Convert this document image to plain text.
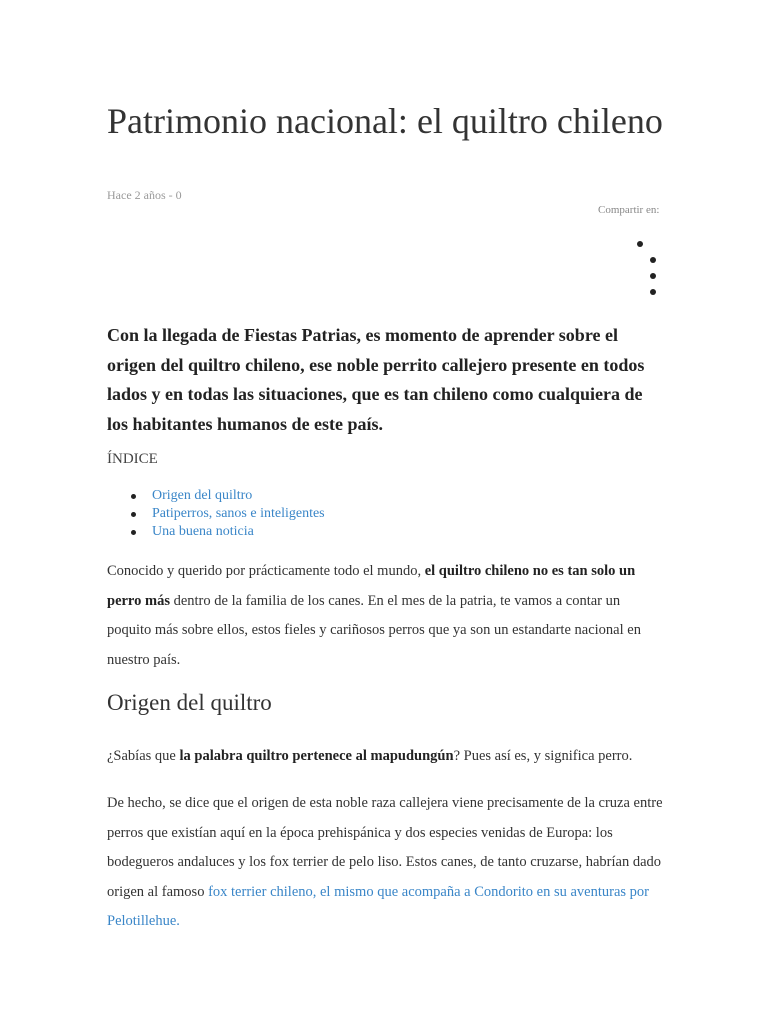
Patrimonio nacional: el quiltro chileno
Hace 2 años - 0
Compartir en:

Con la llegada de Fiestas Patrias, es momento de aprender sobre el origen del quiltro chileno, ese noble perrito callejero presente en todos lados y en todas las situaciones, que es tan chileno como cualquiera de los habitantes humanos de este país.

ÍNDICE
Origen del quiltro
Patiperros, sanos e inteligentes
Una buena noticia

Conocido y querido por prácticamente todo el mundo, el quiltro chileno no es tan solo un perro más dentro de la familia de los canes. En el mes de la patria, te vamos a contar un poquito más sobre ellos, estos fieles y cariñosos perros que ya son un estandarte nacional en nuestro país.

Origen del quiltro

¿Sabías que la palabra quiltro pertenece al mapudungún? Pues así es, y significa perro.

De hecho, se dice que el origen de esta noble raza callejera viene precisamente de la cruza entre perros que existían aquí en la época prehispánica y dos especies venidas de Europa: los bodegueros andaluces y los fox terrier de pelo liso. Estos canes, de tanto cruzarse, habrían dado origen al famoso fox terrier chileno, el mismo que acompaña a Condorito en su aventuras por Pelotillehue.
